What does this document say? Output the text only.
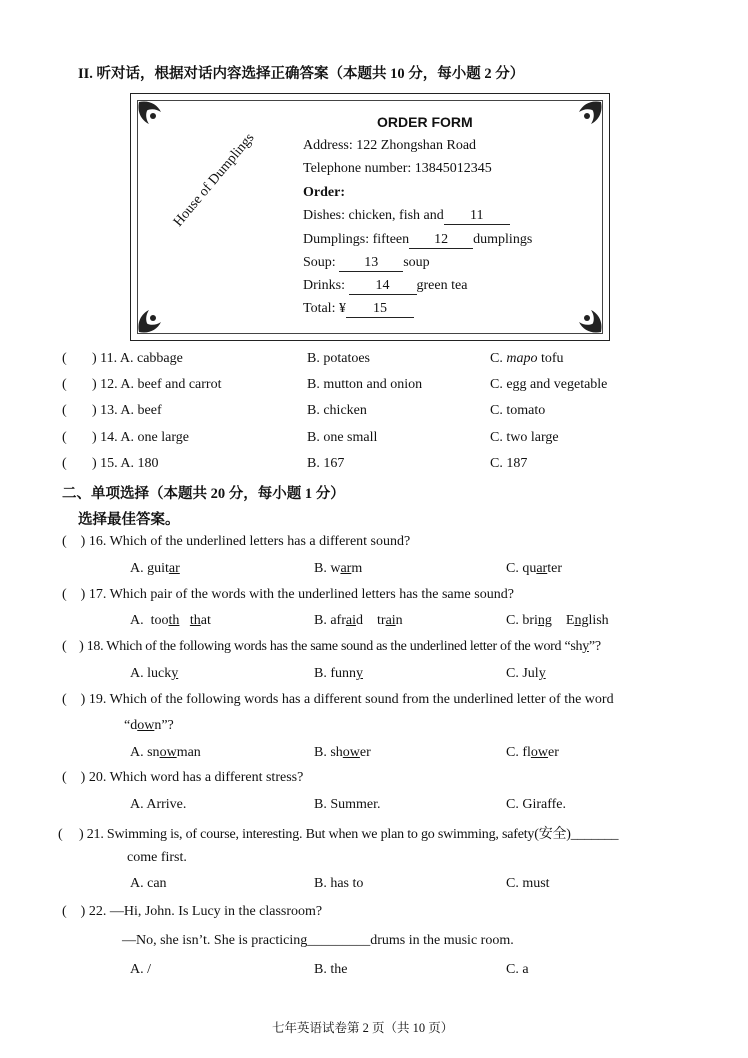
II. 听对话，根据对话内容选择正确答案（本题共 10 分，每小题 2 分）
House of Dumplings
ORDER FORM
Address: 122 Zhongshan Road
Telephone number: 13845012345
Order:
Dishes: chicken, fish and 11
Dumplings: fifteen 12 dumplings
Soup: 13 soup
Drinks: 14 green tea
Total: ¥ 15
( ) 11. A. cabbage	B. potatoes	C. mapo tofu
( ) 12. A. beef and carrot	B. mutton and onion	C. egg and vegetable
( ) 13. A. beef	B. chicken	C. tomato
( ) 14. A. one large	B. one small	C. two large
( ) 15. A. 180	B. 167	C. 187
二、单项选择（本题共 20 分，每小题 1 分）
选择最佳答案。
(    ) 16. Which of the underlined letters has a different sound?
A. guitar	B. warm	C. quarter
(    ) 17. Which pair of the words with the underlined letters has the same sound?
A.  tooth that	B. afraid    train	C. bring    English
(    ) 18. Which of the following words has the same sound as the underlined letter of the word “shy”?
A. lucky	B. funny	C. July
(    ) 19. Which of the following words has a different sound from the underlined letter of the word
“down”?
A. snowman	B. shower	C. flower
(    ) 20. Which word has a different stress?
A. Arrive.	B. Summer.	C. Giraffe.
(     ) 21. Swimming is, of course, interesting. But when we plan to go swimming, safety(安全)_______
come first.
A. can	B. has to	C. must
(    ) 22. —Hi, John. Is Lucy in the classroom?
—No, she isn’t. She is practicing_________drums in the music room.
A. /	B. the	C. a
七年英语试卷第 2 页（共 10 页）
